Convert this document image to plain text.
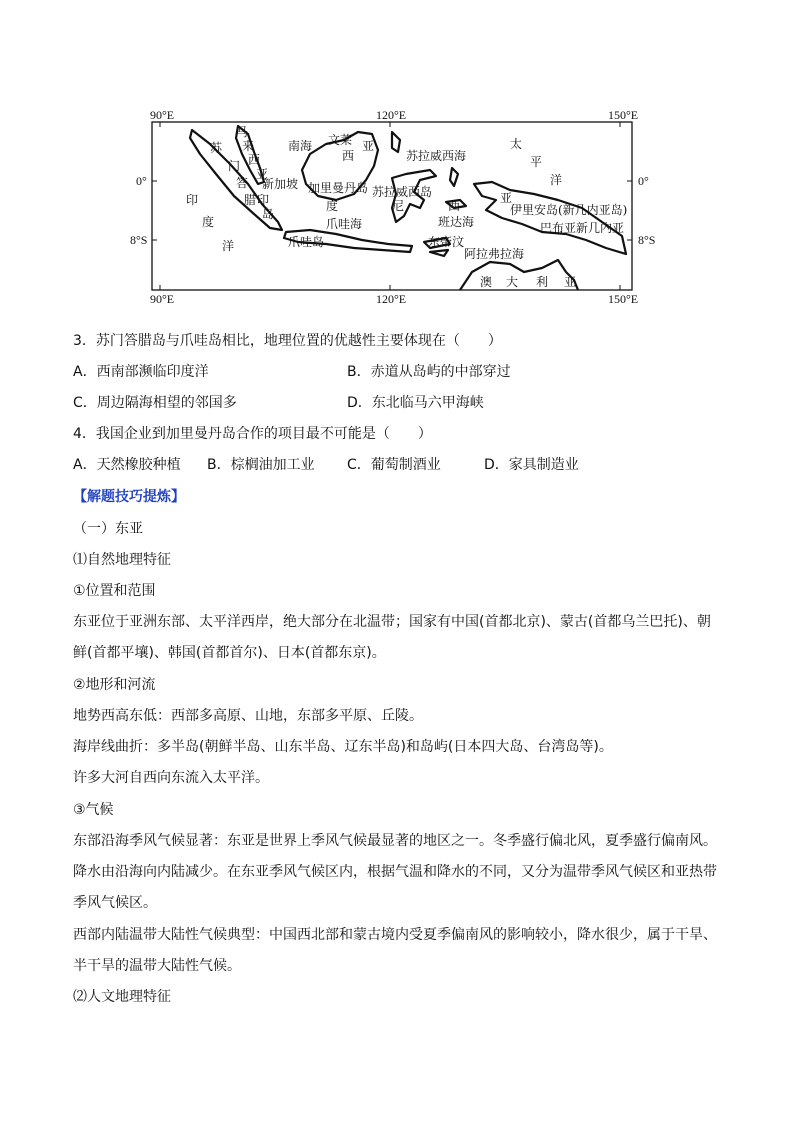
90°E	120°E	150°E
90°E	120°E	150°E
0°
8°S
0°
8°S
苏
门
答
腊 印
岛
马
来
西
亚
新加坡
南海 文莱
西
亚
加里曼丹岛
度
爪哇海
爪哇岛
苏拉威西海
苏拉威西岛
尼	西
班达海
东帝汶
阿拉弗拉海
太
平
洋
亚
伊里安岛(新几内亚岛)
巴布亚新几内亚
澳 大 利 亚
印
度
洋
3．苏门答腊岛与爪哇岛相比，地理位置的优越性主要体现在（　　）
A．西南部濒临印度洋	B．赤道从岛屿的中部穿过
C．周边隔海相望的邻国多	D．东北临马六甲海峡
4．我国企业到加里曼丹岛合作的项目最不可能是（　　）
A．天然橡胶种植 B．棕榈油加工业 C．葡萄制酒业	D．家具制造业
【解题技巧提炼】
（一）东亚
⑴自然地理特征
①位置和范围
东亚位于亚洲东部、太平洋西岸，绝大部分在北温带；国家有中国(首都北京)、蒙古(首都乌兰巴托)、朝
鲜(首都平壤)、韩国(首都首尔)、日本(首都东京)。
②地形和河流
地势西高东低：西部多高原、山地，东部多平原、丘陵。
海岸线曲折：多半岛(朝鲜半岛、山东半岛、辽东半岛)和岛屿(日本四大岛、台湾岛等)。
许多大河自西向东流入太平洋。
③气候
东部沿海季风气候显著：东亚是世界上季风气候最显著的地区之一。冬季盛行偏北风，夏季盛行偏南风。
降水由沿海向内陆减少。在东亚季风气候区内，根据气温和降水的不同，又分为温带季风气候区和亚热带
季风气候区。
西部内陆温带大陆性气候典型：中国西北部和蒙古境内受夏季偏南风的影响较小，降水很少，属于干旱、
半干旱的温带大陆性气候。
⑵人文地理特征
